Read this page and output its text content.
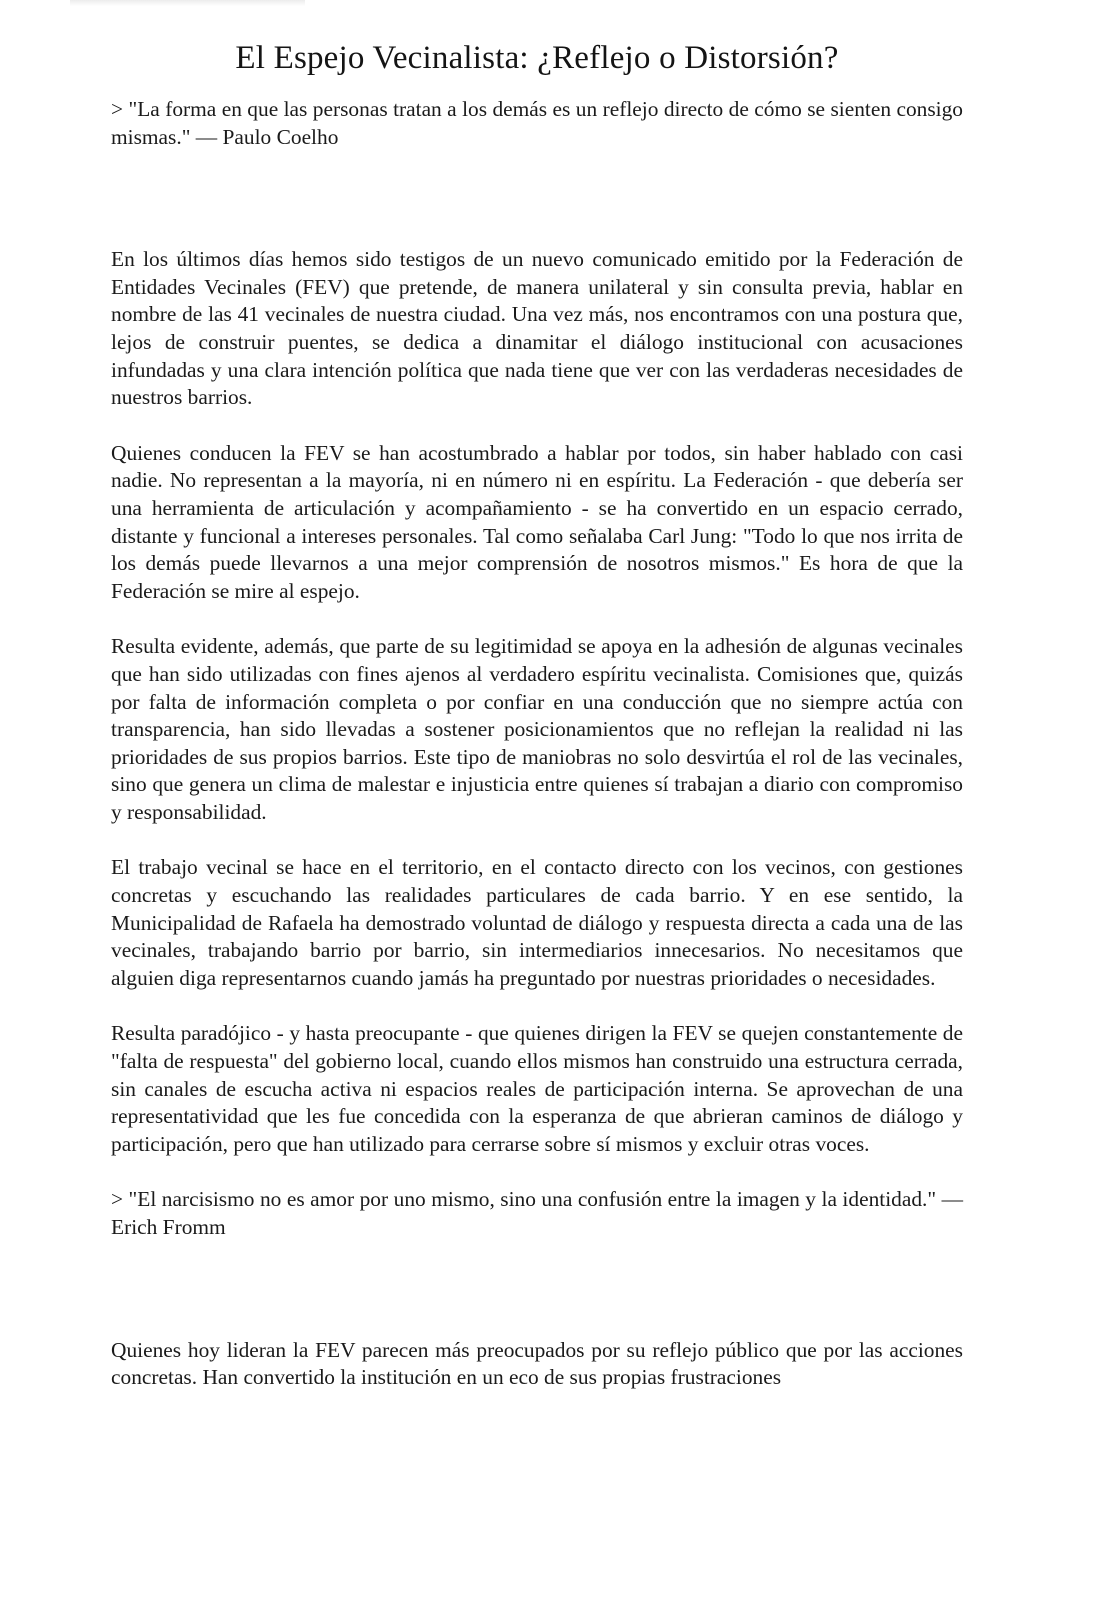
El Espejo Vecinalista: ¿Reflejo o Distorsión?

> "La forma en que las personas tratan a los demás es un reflejo directo de cómo se sienten consigo mismas." — Paulo Coelho

En los últimos días hemos sido testigos de un nuevo comunicado emitido por la Federación de Entidades Vecinales (FEV) que pretende, de manera unilateral y sin consulta previa, hablar en nombre de las 41 vecinales de nuestra ciudad. Una vez más, nos encontramos con una postura que, lejos de construir puentes, se dedica a dinamitar el diálogo institucional con acusaciones infundadas y una clara intención política que nada tiene que ver con las verdaderas necesidades de nuestros barrios.

Quienes conducen la FEV se han acostumbrado a hablar por todos, sin haber hablado con casi nadie. No representan a la mayoría, ni en número ni en espíritu. La Federación - que debería ser una herramienta de articulación y acompañamiento - se ha convertido en un espacio cerrado, distante y funcional a intereses personales. Tal como señalaba Carl Jung: "Todo lo que nos irrita de los demás puede llevarnos a una mejor comprensión de nosotros mismos." Es hora de que la Federación se mire al espejo.

Resulta evidente, además, que parte de su legitimidad se apoya en la adhesión de algunas vecinales que han sido utilizadas con fines ajenos al verdadero espíritu vecinalista. Comisiones que, quizás por falta de información completa o por confiar en una conducción que no siempre actúa con transparencia, han sido llevadas a sostener posicionamientos que no reflejan la realidad ni las prioridades de sus propios barrios. Este tipo de maniobras no solo desvirtúa el rol de las vecinales, sino que genera un clima de malestar e injusticia entre quienes sí trabajan a diario con compromiso y responsabilidad.

El trabajo vecinal se hace en el territorio, en el contacto directo con los vecinos, con gestiones concretas y escuchando las realidades particulares de cada barrio. Y en ese sentido, la Municipalidad de Rafaela ha demostrado voluntad de diálogo y respuesta directa a cada una de las vecinales, trabajando barrio por barrio, sin intermediarios innecesarios. No necesitamos que alguien diga representarnos cuando jamás ha preguntado por nuestras prioridades o necesidades.

Resulta paradójico - y hasta preocupante - que quienes dirigen la FEV se quejen constantemente de "falta de respuesta" del gobierno local, cuando ellos mismos han construido una estructura cerrada, sin canales de escucha activa ni espacios reales de participación interna. Se aprovechan de una representatividad que les fue concedida con la esperanza de que abrieran caminos de diálogo y participación, pero que han utilizado para cerrarse sobre sí mismos y excluir otras voces.

> "El narcisismo no es amor por uno mismo, sino una confusión entre la imagen y la identidad." — Erich Fromm

Quienes hoy lideran la FEV parecen más preocupados por su reflejo público que por las acciones concretas. Han convertido la institución en un eco de sus propias frustraciones
